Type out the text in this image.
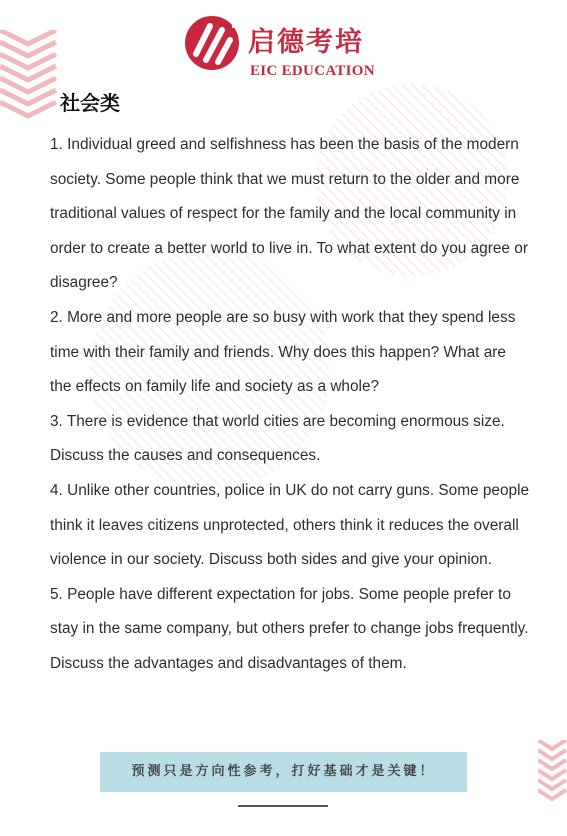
启德考培
EIC EDUCATION
社会类

1. Individual greed and selfishness has been the basis of the modern society. Some people think that we must return to the older and more traditional values of respect for the family and the local community in order to create a better world to live in. To what extent do you agree or disagree?

2. More and more people are so busy with work that they spend less time with their family and friends. Why does this happen? What are the effects on family life and society as a whole?

3. There is evidence that world cities are becoming enormous size. Discuss the causes and consequences.

4. Unlike other countries, police in UK do not carry guns. Some people think it leaves citizens unprotected, others think it reduces the overall violence in our society. Discuss both sides and give your opinion.

5. People have different expectation for jobs. Some people prefer to stay in the same company, but others prefer to change jobs frequently. Discuss the advantages and disadvantages of them.

预测只是方向性参考，打好基础才是关键！
